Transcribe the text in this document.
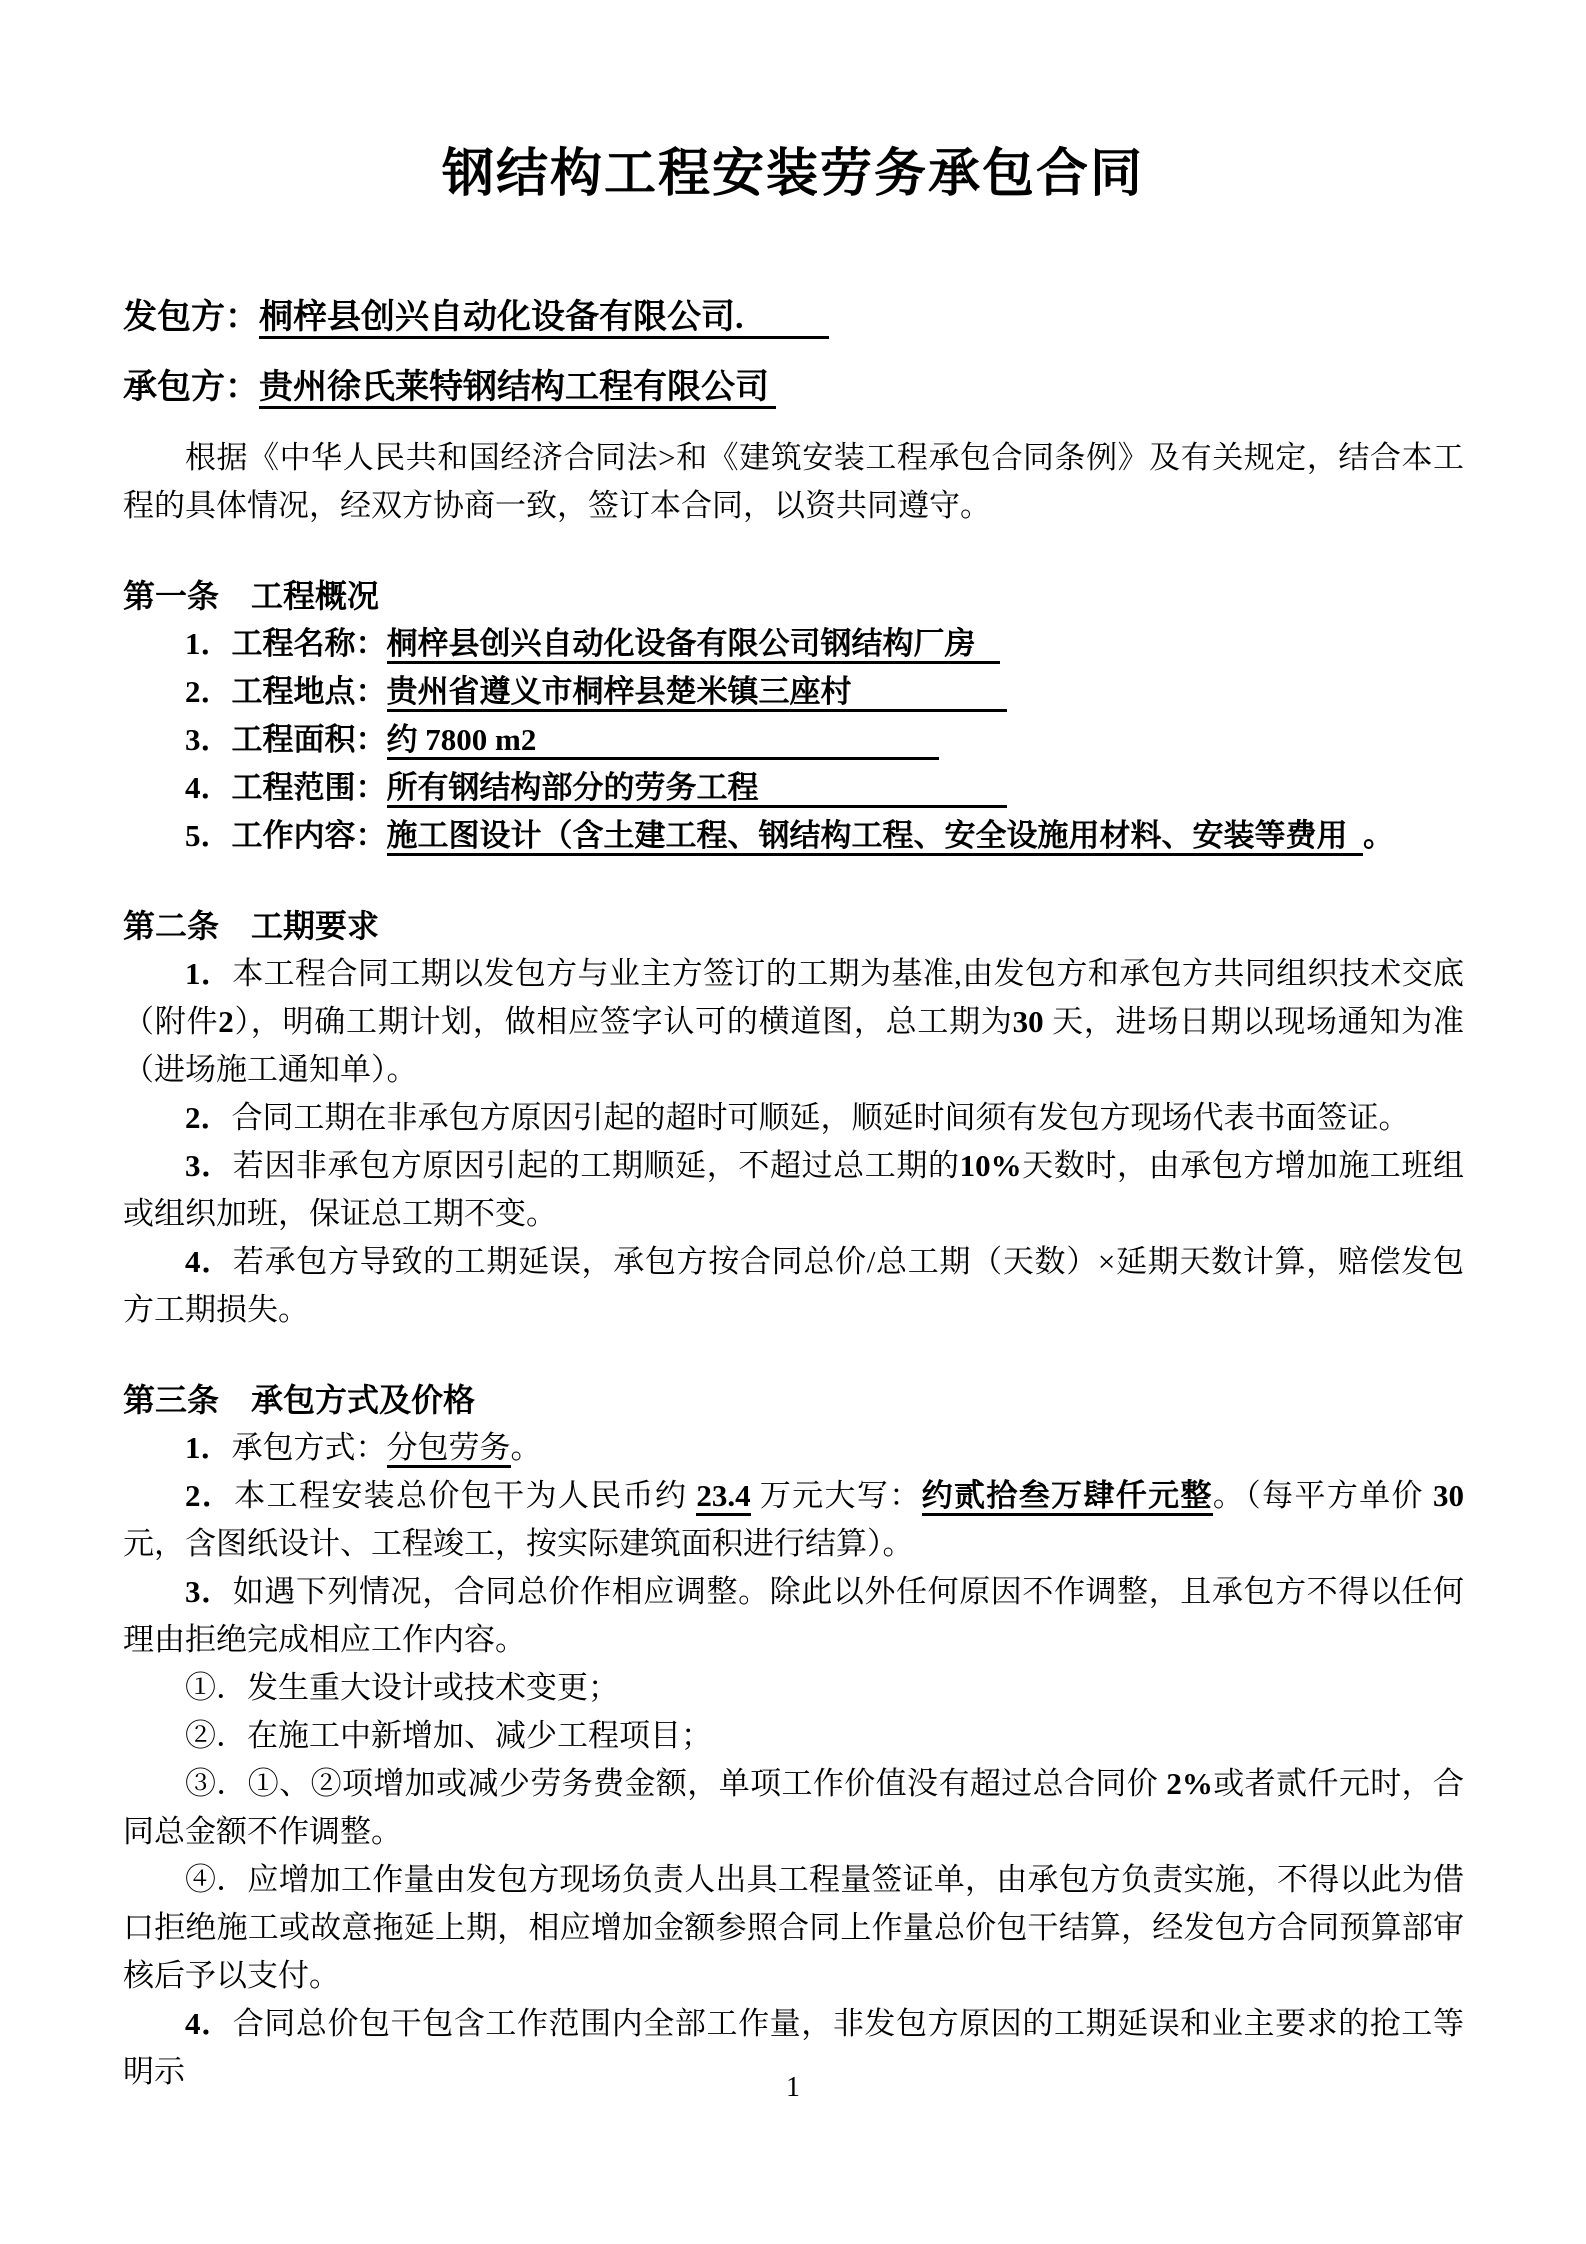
钢结构工程安装劳务承包合同

发包方：桐梓县创兴自动化设备有限公司.

承包方：贵州徐氏莱特钢结构工程有限公司

根据《中华人民共和国经济合同法>和《建筑安装工程承包合同条例》及有关规定，结合本工程的具体情况，经双方协商一致，签订本合同，以资共同遵守。

第一条　工程概况

1．工程名称：桐梓县创兴自动化设备有限公司钢结构厂房

2．工程地点：贵州省遵义市桐梓县楚米镇三座村

3．工程面积：约 7800 m2

4．工程范围：所有钢结构部分的劳务工程

5．工作内容：施工图设计（含土建工程、钢结构工程、安全设施用材料、安装等费用 。

第二条　工期要求

1．本工程合同工期以发包方与业主方签订的工期为基准,由发包方和承包方共同组织技术交底（附件2），明确工期计划，做相应签字认可的横道图，总工期为30 天，进场日期以现场通知为准（进场施工通知单）。

2．合同工期在非承包方原因引起的超时可顺延，顺延时间须有发包方现场代表书面签证。

3．若因非承包方原因引起的工期顺延，不超过总工期的10%天数时，由承包方增加施工班组或组织加班，保证总工期不变。

4．若承包方导致的工期延误，承包方按合同总价/总工期（天数）×延期天数计算，赔偿发包方工期损失。

第三条　承包方式及价格

1．承包方式：分包劳务。

2．本工程安装总价包干为人民币约 23.4 万元大写：约贰拾叁万肆仟元整。（每平方单价 30 元，含图纸设计、工程竣工，按实际建筑面积进行结算）。

3．如遇下列情况，合同总价作相应调整。除此以外任何原因不作调整，且承包方不得以任何理由拒绝完成相应工作内容。

①．发生重大设计或技术变更；

②．在施工中新增加、减少工程项目；

③．①、②项增加或减少劳务费金额，单项工作价值没有超过总合同价 2%或者贰仟元时，合同总金额不作调整。

④．应增加工作量由发包方现场负责人出具工程量签证单，由承包方负责实施，不得以此为借口拒绝施工或故意拖延上期，相应增加金额参照合同上作量总价包干结算，经发包方合同预算部审核后予以支付。

4．合同总价包干包含工作范围内全部工作量，非发包方原因的工期延误和业主要求的抢工等明示	1
